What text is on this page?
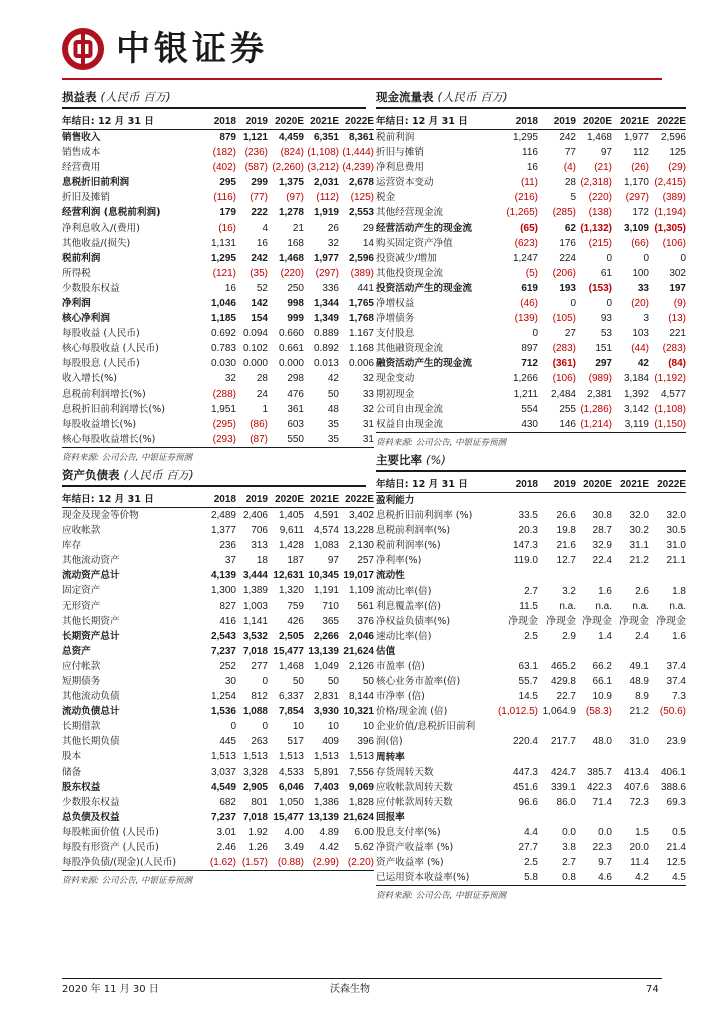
中银证券
损益表 (人民币 百万)
年结日: 12 月 31 日	2018	2019	2020E	2021E	2022E
销售收入	879	1,121	4,459	6,351	8,361
销售成本	(182)	(236)	(824)	(1,108)	(1,444)
经营费用	(402)	(587)	(2,260)	(3,212)	(4,239)
息税折旧前利润	295	299	1,375	2,031	2,678
折旧及摊销	(116)	(77)	(97)	(112)	(125)
经营利润 (息税前利润)	179	222	1,278	1,919	2,553
净利息收入/(费用)	(16)	4	21	26	29
其他收益/(损失)	1,131	16	168	32	14
税前利润	1,295	242	1,468	1,977	2,596
所得税	(121)	(35)	(220)	(297)	(389)
少数股东权益	16	52	250	336	441
净利润	1,046	142	998	1,344	1,765
核心净利润	1,185	154	999	1,349	1,768
每股收益 (人民币)	0.692	0.094	0.660	0.889	1.167
核心每股收益 (人民币)	0.783	0.102	0.661	0.892	1.168
每股股息 (人民币)	0.030	0.000	0.000	0.013	0.006
收入增长(%)	32	28	298	42	32
息税前利润增长(%)	(288)	24	476	50	33
息税折旧前利润增长(%)	1,951	1	361	48	32
每股收益增长(%)	(295)	(86)	603	35	31
核心每股收益增长(%)	(293)	(87)	550	35	31
资料来源: 公司公告, 中银证券预测
资产负债表 (人民币 百万)
年结日: 12 月 31 日	2018	2019	2020E	2021E	2022E
现金及现金等价物	2,489	2,406	1,405	4,591	3,402
应收帐款	1,377	706	9,611	4,574	13,228
库存	236	313	1,428	1,083	2,130
其他流动资产	37	18	187	97	257
流动资产总计	4,139	3,444	12,631	10,345	19,017
固定资产	1,300	1,389	1,320	1,191	1,109
无形资产	827	1,003	759	710	561
其他长期资产	416	1,141	426	365	376
长期资产总计	2,543	3,532	2,505	2,266	2,046
总资产	7,237	7,018	15,477	13,139	21,624
应付帐款	252	277	1,468	1,049	2,126
短期债务	30	0	50	50	50
其他流动负债	1,254	812	6,337	2,831	8,144
流动负债总计	1,536	1,088	7,854	3,930	10,321
长期借款	0	0	10	10	10
其他长期负债	445	263	517	409	396
股本	1,513	1,513	1,513	1,513	1,513
储备	3,037	3,328	4,533	5,891	7,556
股东权益	4,549	2,905	6,046	7,403	9,069
少数股东权益	682	801	1,050	1,386	1,828
总负债及权益	7,237	7,018	15,477	13,139	21,624
每股帐面价值 (人民币)	3.01	1.92	4.00	4.89	6.00
每股有形资产 (人民币)	2.46	1.26	3.49	4.42	5.62
每股净负债/(现金)(人民币)	(1.62)	(1.57)	(0.88)	(2.99)	(2.20)
资料来源: 公司公告, 中银证券预测
现金流量表 (人民币 百万)
年结日: 12 月 31 日	2018	2019	2020E	2021E	2022E
税前利润	1,295	242	1,468	1,977	2,596
折旧与摊销	116	77	97	112	125
净利息费用	16	(4)	(21)	(26)	(29)
运营资本变动	(11)	28	(2,318)	1,170	(2,415)
税金	(216)	5	(220)	(297)	(389)
其他经营现金流	(1,265)	(285)	(138)	172	(1,194)
经营活动产生的现金流	(65)	62	(1,132)	3,109	(1,305)
购买固定资产净值	(623)	176	(215)	(66)	(106)
投资减少/增加	1,247	224	0	0	0
其他投资现金流	(5)	(206)	61	100	302
投资活动产生的现金流	619	193	(153)	33	197
净增权益	(46)	0	0	(20)	(9)
净增债务	(139)	(105)	93	3	(13)
支付股息	0	27	53	103	221
其他融资现金流	897	(283)	151	(44)	(283)
融资活动产生的现金流	712	(361)	297	42	(84)
现金变动	1,266	(106)	(989)	3,184	(1,192)
期初现金	1,211	2,484	2,381	1,392	4,577
公司自由现金流	554	255	(1,286)	3,142	(1,108)
权益自由现金流	430	146	(1,214)	3,119	(1,150)
资料来源: 公司公告, 中银证券预测
主要比率 (%)
年结日: 12 月 31 日	2018	2019	2020E	2021E	2022E
盈利能力					
息税折旧前利润率 (%)	33.5	26.6	30.8	32.0	32.0
息税前利润率(%)	20.3	19.8	28.7	30.2	30.5
税前利润率(%)	147.3	21.6	32.9	31.1	31.0
净利率(%)	119.0	12.7	22.4	21.2	21.1
流动性					
流动比率(倍)	2.7	3.2	1.6	2.6	1.8
利息覆盖率(倍)	11.5	n.a.	n.a.	n.a.	n.a.
净权益负债率(%)	净现金	净现金	净现金	净现金	净现金
速动比率(倍)	2.5	2.9	1.4	2.4	1.6
估值					
市盈率 (倍)	63.1	465.2	66.2	49.1	37.4
核心业务市盈率(倍)	55.7	429.8	66.1	48.9	37.4
市净率 (倍)	14.5	22.7	10.9	8.9	7.3
价格/现金流 (倍)	(1,012.5)	1,064.9	(58.3)	21.2	(50.6)
企业价值/息税折旧前利					
润(倍)	220.4	217.7	48.0	31.0	23.9
周转率					
存货周转天数	447.3	424.7	385.7	413.4	406.1
应收帐款周转天数	451.6	339.1	422.3	407.6	388.6
应付帐款周转天数	96.6	86.0	71.4	72.3	69.3
回报率					
股息支付率(%)	4.4	0.0	0.0	1.5	0.5
净资产收益率 (%)	27.7	3.8	22.3	20.0	21.4
资产收益率 (%)	2.5	2.7	9.7	11.4	12.5
已运用资本收益率(%)	5.8	0.8	4.6	4.2	4.5
资料来源: 公司公告, 中银证券预测
2020 年 11 月 30 日	沃森生物	74
